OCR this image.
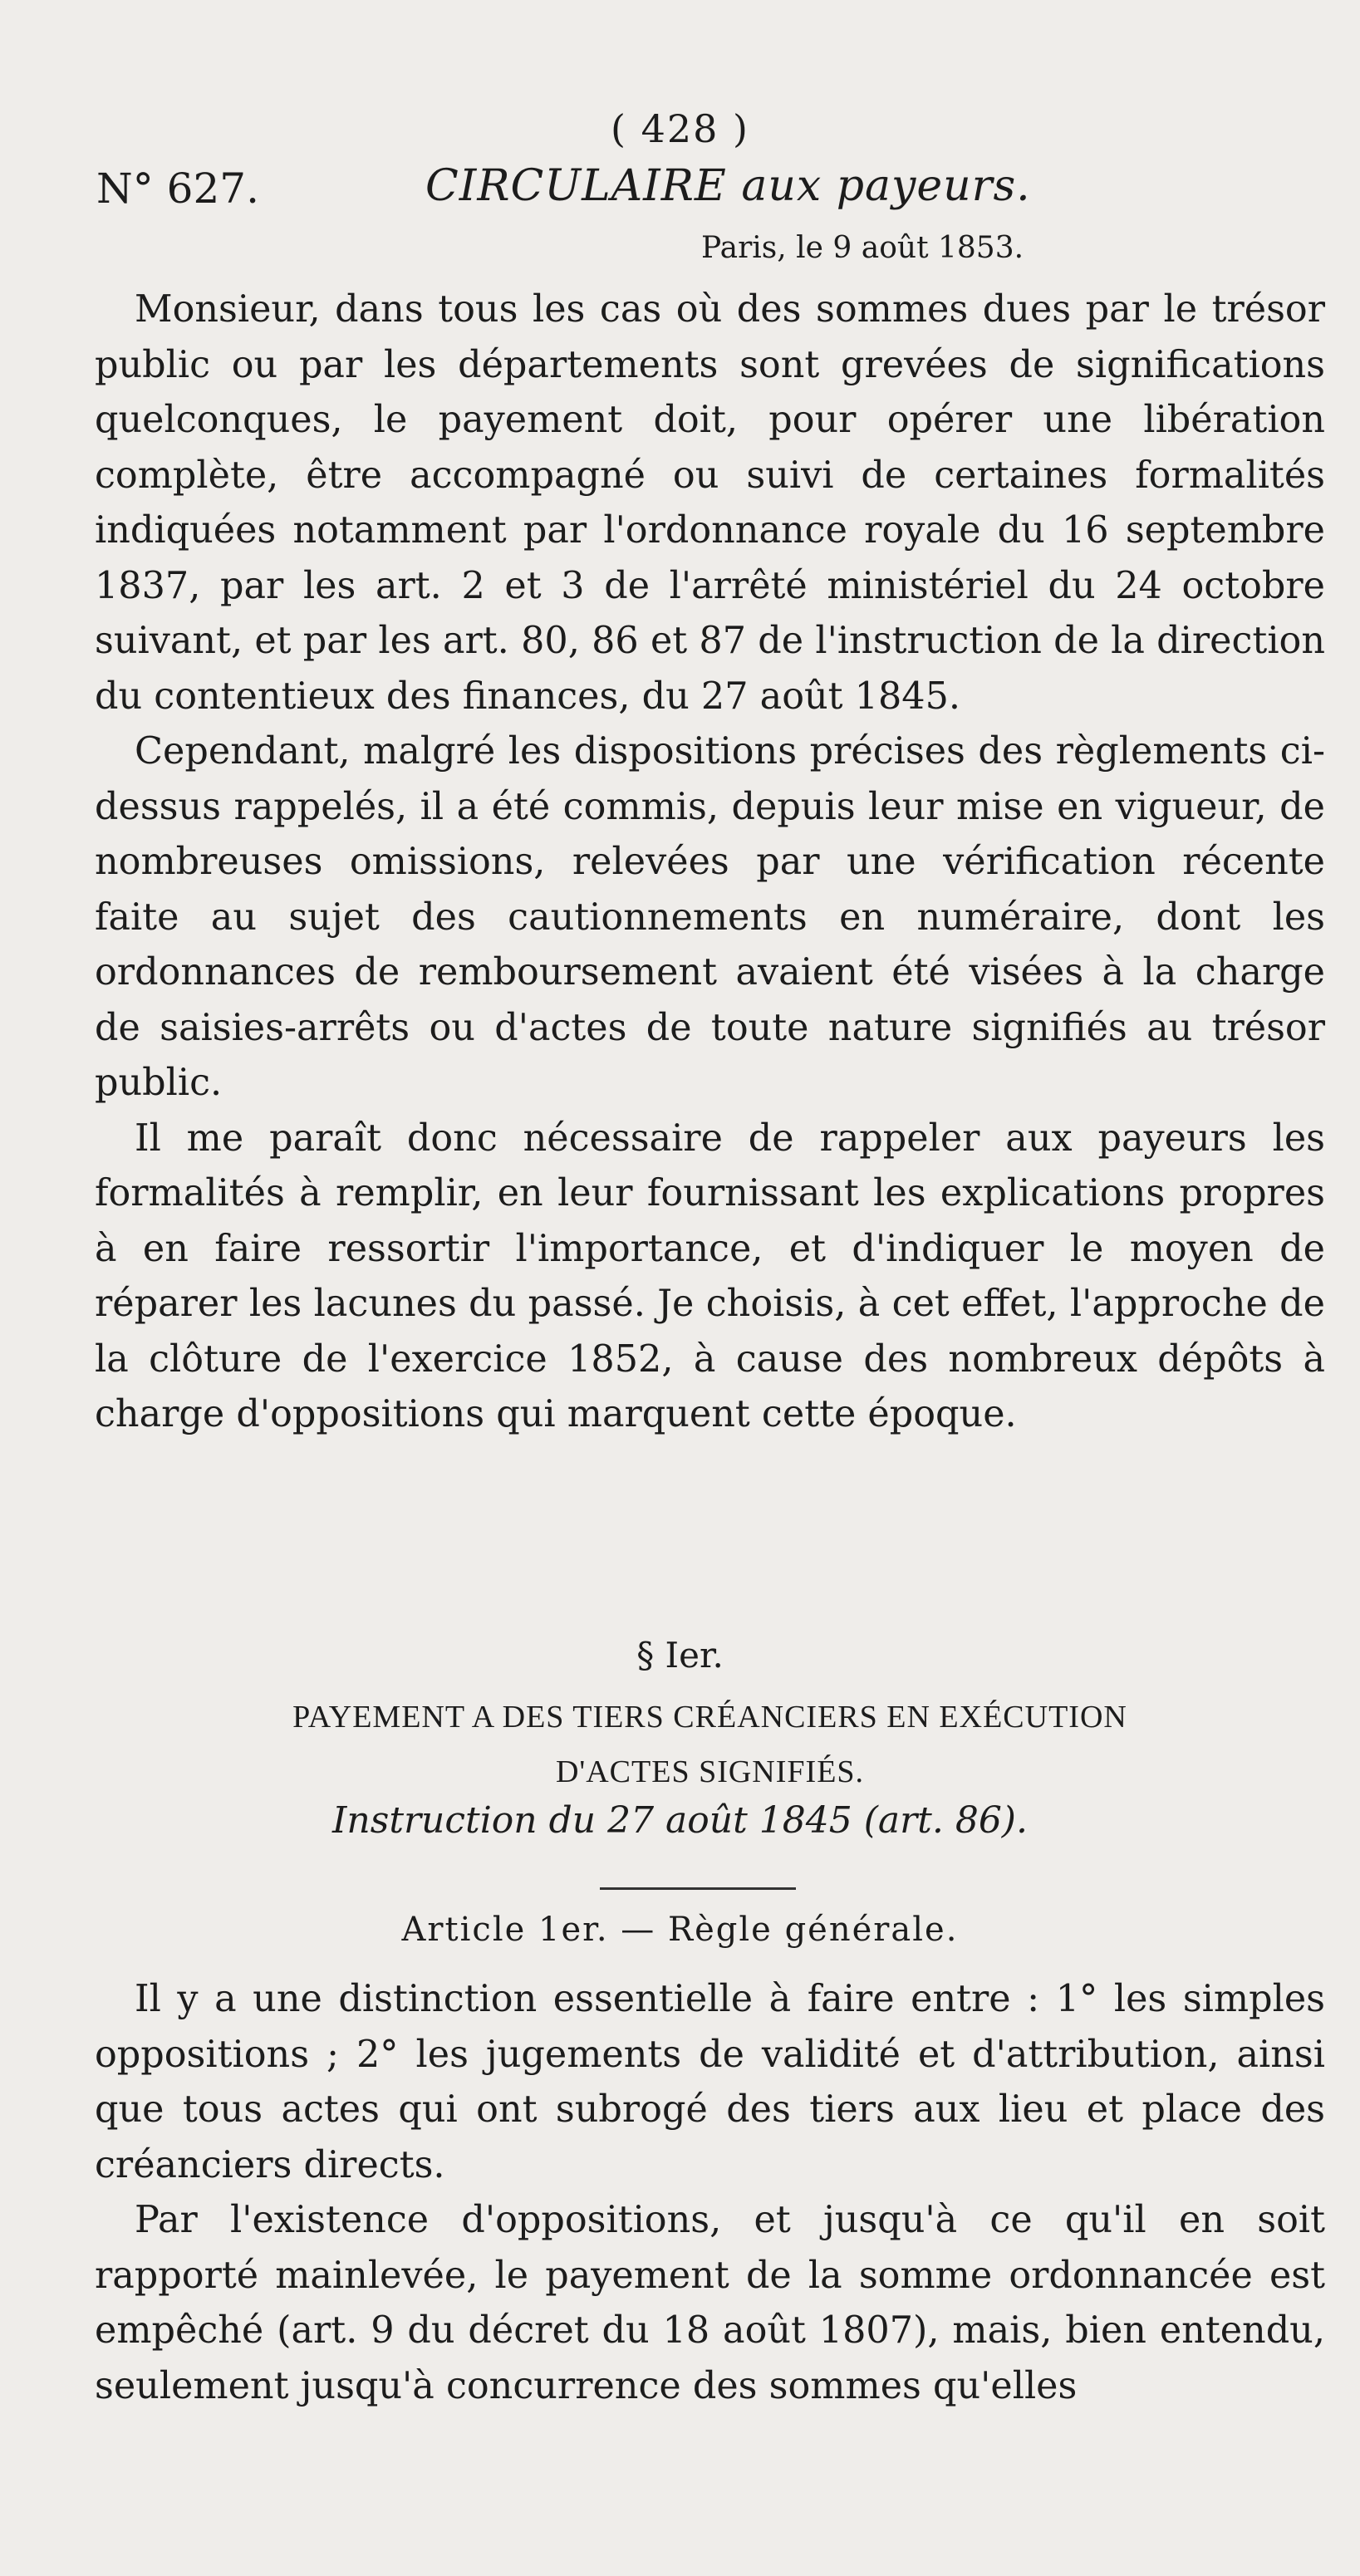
( 428 )
N° 627.	CIRCULAIRE aux payeurs.
Paris, le 9 août 1853.

Monsieur, dans tous les cas où des sommes dues par le trésor public ou par les départements sont grevées de significations quelconques, le payement doit, pour opérer une libération complète, être accompagné ou suivi de certaines formalités indiquées notamment par l'ordonnance royale du 16 septembre 1837, par les art. 2 et 3 de l'arrêté ministériel du 24 octobre suivant, et par les art. 80, 86 et 87 de l'instruction de la direction du contentieux des finances, du 27 août 1845.

Cependant, malgré les dispositions précises des règlements ci-dessus rappelés, il a été commis, depuis leur mise en vigueur, de nombreuses omissions, relevées par une vérification récente faite au sujet des cautionnements en numéraire, dont les ordonnances de remboursement avaient été visées à la charge de saisies-arrêts ou d'actes de toute nature signifiés au trésor public.

Il me paraît donc nécessaire de rappeler aux payeurs les formalités à remplir, en leur fournissant les explications propres à en faire ressortir l'importance, et d'indiquer le moyen de réparer les lacunes du passé. Je choisis, à cet effet, l'approche de la clôture de l'exercice 1852, à cause des nombreux dépôts à charge d'oppositions qui marquent cette époque.

§ Ier.
PAYEMENT A DES TIERS CRÉANCIERS EN EXÉCUTION
D'ACTES SIGNIFIÉS.
Instruction du 27 août 1845 (art. 86).
Article 1er. — Règle générale.

Il y a une distinction essentielle à faire entre : 1° les simples oppositions ; 2° les jugements de validité et d'attribution, ainsi que tous actes qui ont subrogé des tiers aux lieu et place des créanciers directs.

Par l'existence d'oppositions, et jusqu'à ce qu'il en soit rapporté mainlevée, le payement de la somme ordonnancée est empêché (art. 9 du décret du 18 août 1807), mais, bien entendu, seulement jusqu'à concurrence des sommes qu'elles
